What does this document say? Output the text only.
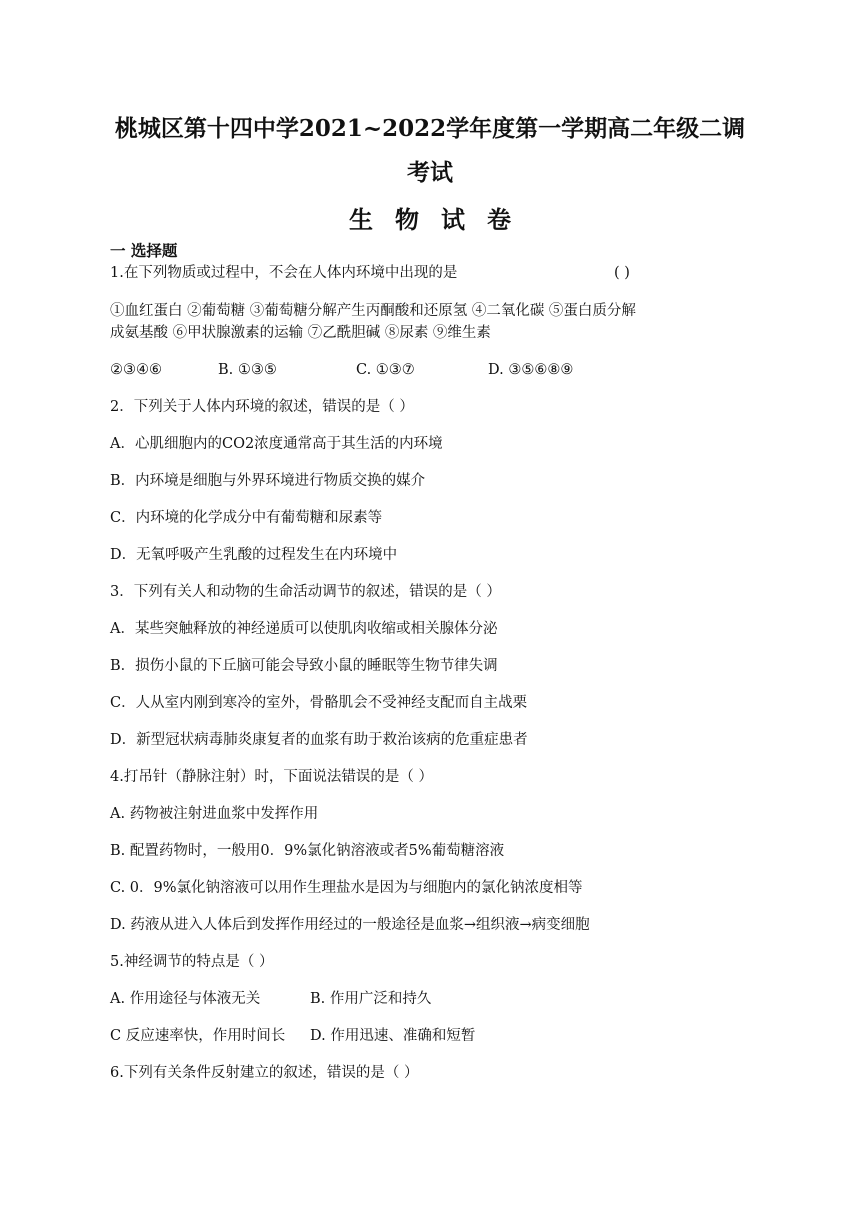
桃城区第十四中学2021~2022学年度第一学期高二年级二调
考试
生物试卷
一 选择题
1.在下列物质或过程中，不会在人体内环境中出现的是	( )
①血红蛋白 ②葡萄糖 ③葡萄糖分解产生丙酮酸和还原氢 ④二氧化碳 ⑤蛋白质分解
成氨基酸 ⑥甲状腺激素的运输 ⑦乙酰胆碱 ⑧尿素 ⑨维生素
②③④⑥	B. ①③⑤	C. ①③⑦	D. ③⑤⑥⑧⑨
2．下列关于人体内环境的叙述，错误的是（ ）
A．心肌细胞内的CO2浓度通常高于其生活的内环境
B．内环境是细胞与外界环境进行物质交换的媒介
C．内环境的化学成分中有葡萄糖和尿素等
D．无氧呼吸产生乳酸的过程发生在内环境中
3．下列有关人和动物的生命活动调节的叙述，错误的是（ ）
A．某些突触释放的神经递质可以使肌肉收缩或相关腺体分泌
B．损伤小鼠的下丘脑可能会导致小鼠的睡眠等生物节律失调
C．人从室内刚到寒冷的室外，骨骼肌会不受神经支配而自主战栗
D．新型冠状病毒肺炎康复者的血浆有助于救治该病的危重症患者
4.打吊针（静脉注射）时，下面说法错误的是（ ）
A. 药物被注射进血浆中发挥作用
B. 配置药物时，一般用0．9%氯化钠溶液或者5%葡萄糖溶液
C. 0．9%氯化钠溶液可以用作生理盐水是因为与细胞内的氯化钠浓度相等
D. 药液从进入人体后到发挥作用经过的一般途径是血浆→组织液→病变细胞
5.神经调节的特点是（ ）
A. 作用途径与体液无关	B. 作用广泛和持久
C 反应速率快，作用时间长 D. 作用迅速、准确和短暂
6.下列有关条件反射建立的叙述，错误的是（ ）
